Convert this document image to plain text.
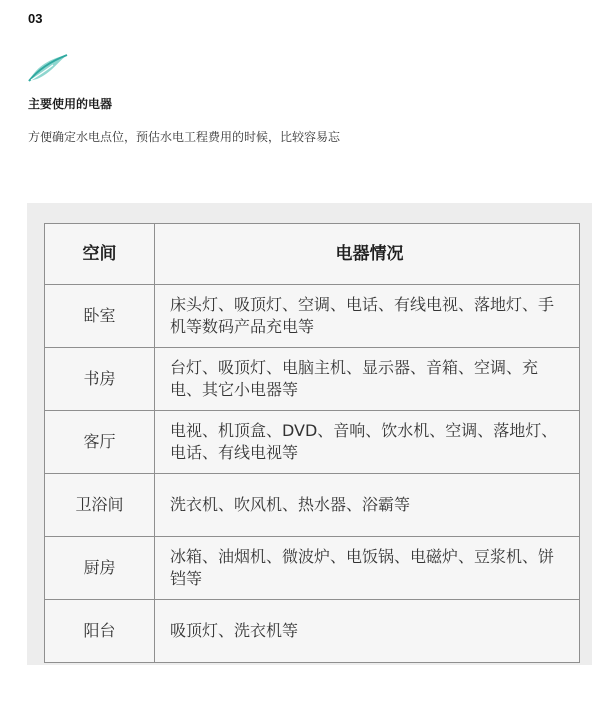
03
主要使用的电器
方便确定水电点位，预估水电工程费用的时候，比较容易忘
空间	电器情况
卧室	床头灯、吸顶灯、空调、电话、有线电视、落地灯、手机等数码产品充电等
书房	台灯、吸顶灯、电脑主机、显示器、音箱、空调、充电、其它小电器等
客厅	电视、机顶盒、DVD、音响、饮水机、空调、落地灯、电话、有线电视等
卫浴间	洗衣机、吹风机、热水器、浴霸等
厨房	冰箱、油烟机、微波炉、电饭锅、电磁炉、豆浆机、饼铛等
阳台	吸顶灯、洗衣机等
